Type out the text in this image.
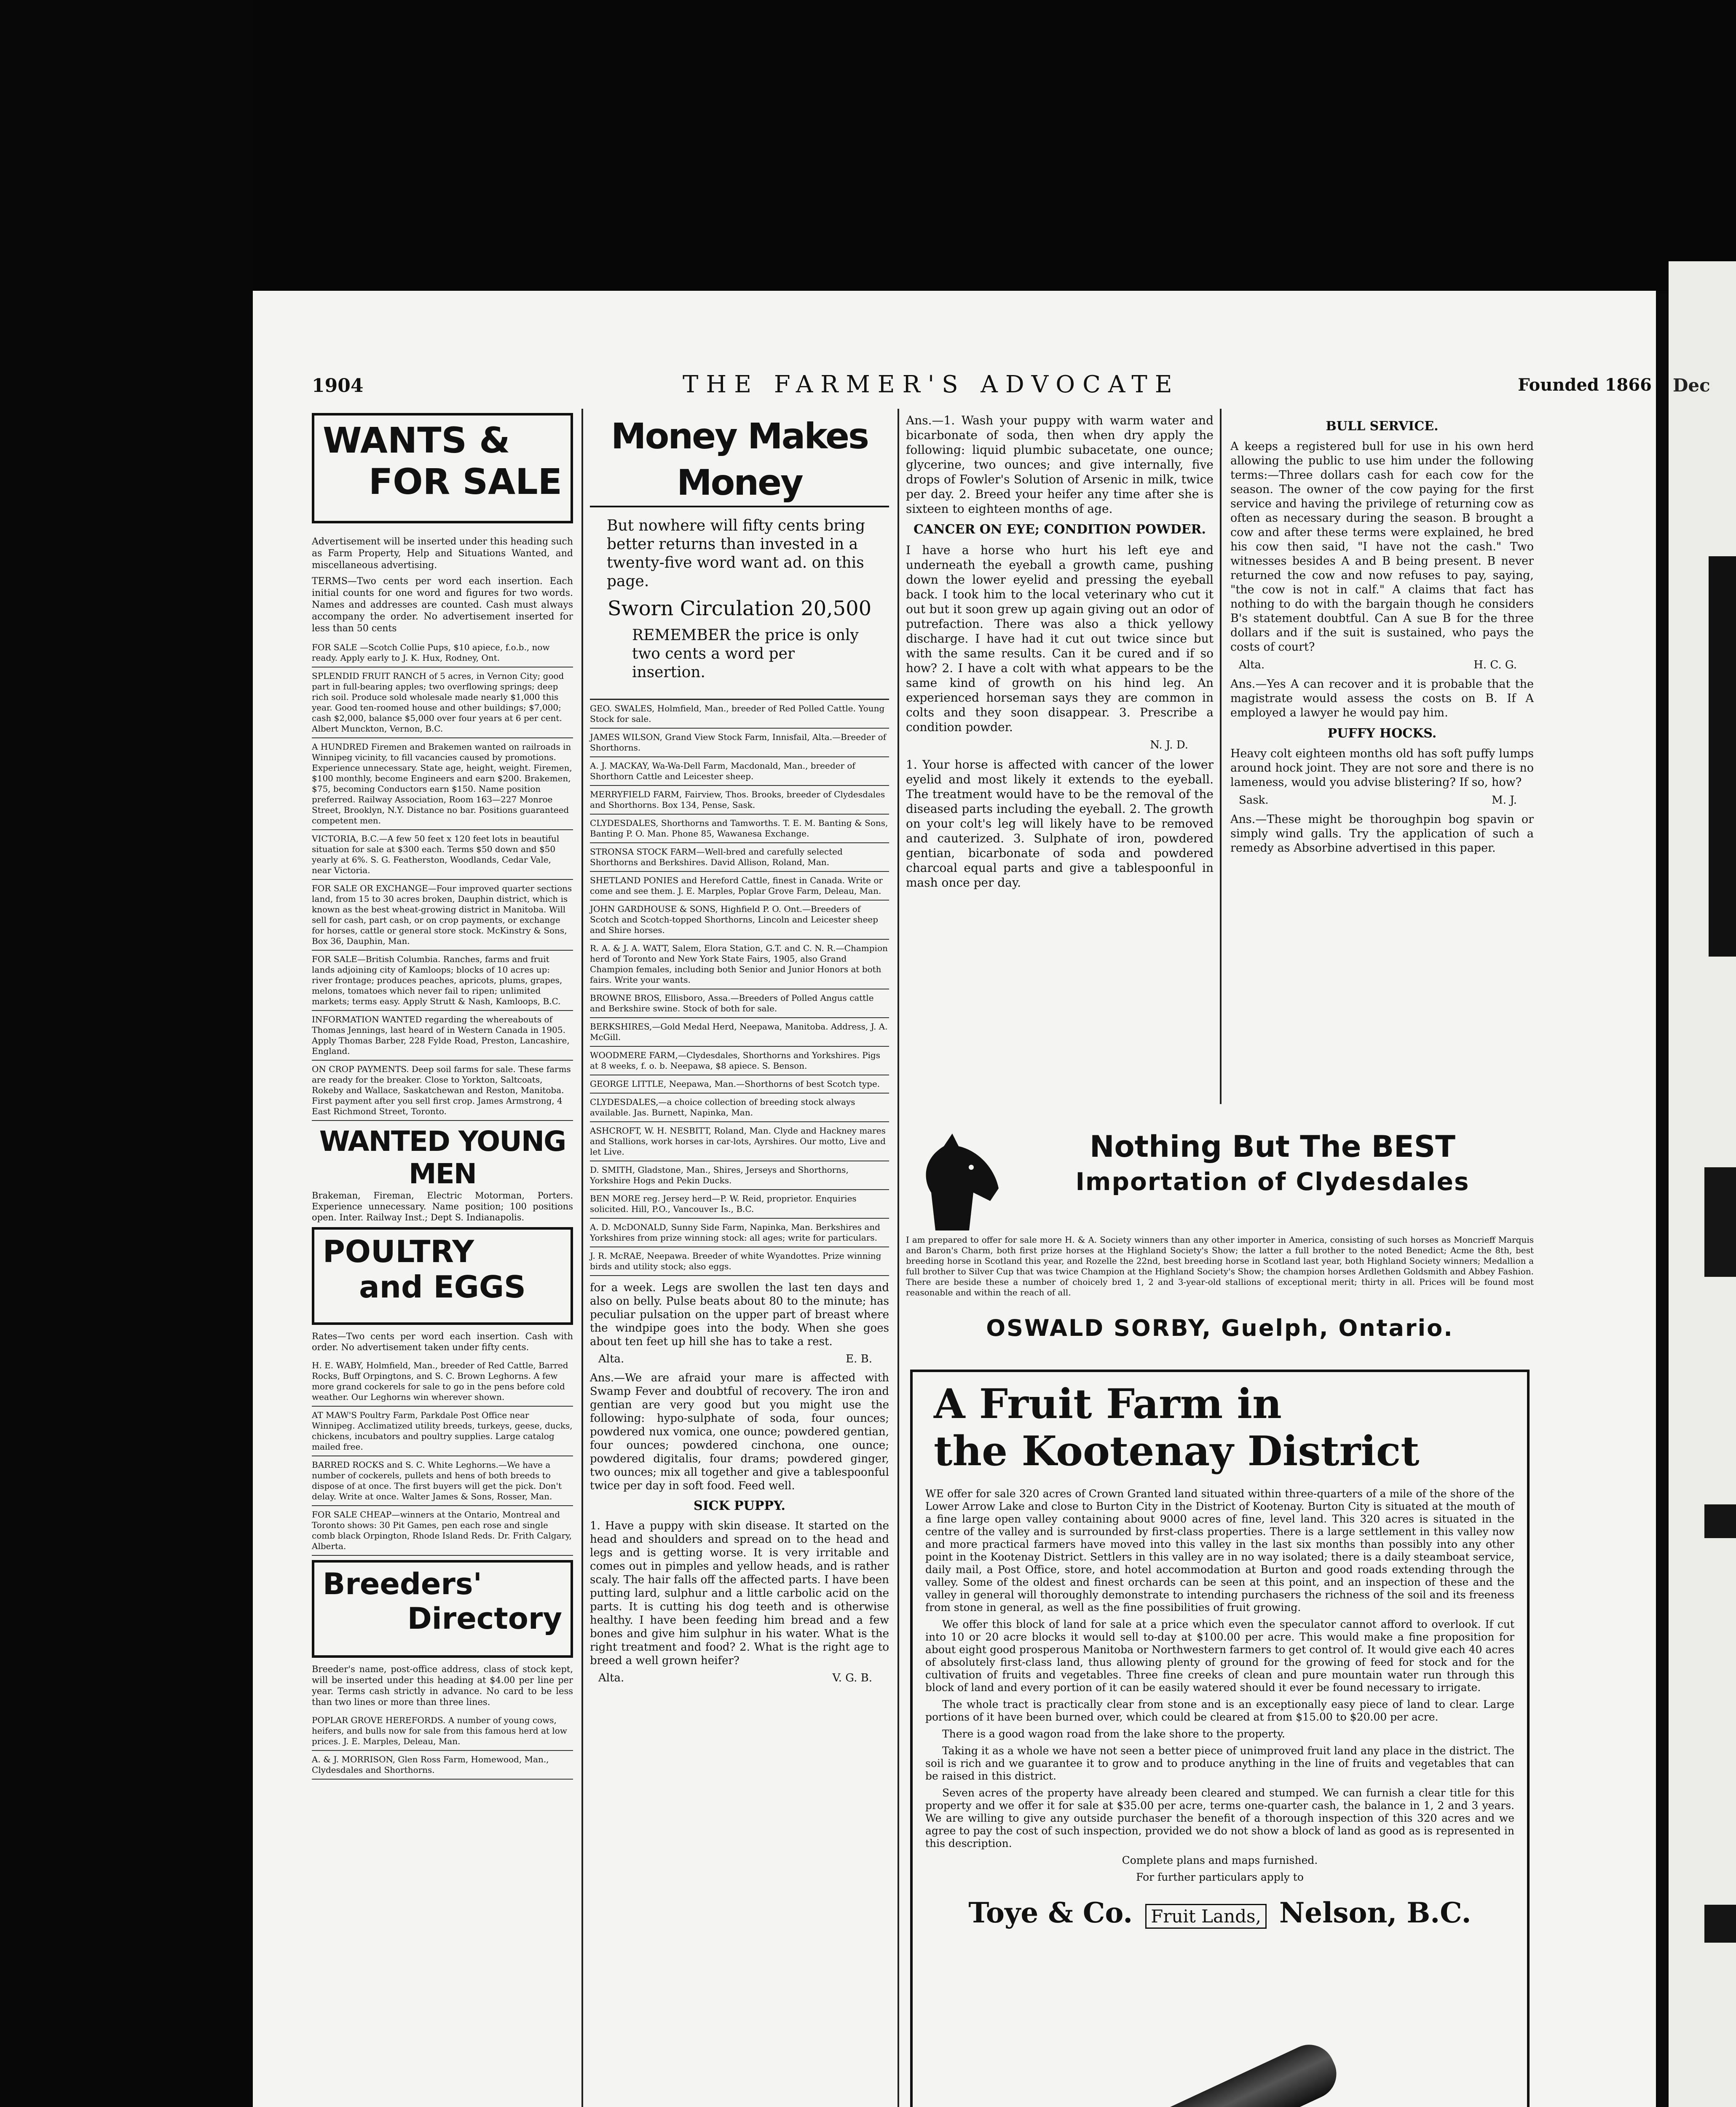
Dec
1904	THE FARMER'S ADVOCATE	Founded 1866
WANTS &
FOR SALE

Advertisement will be inserted under this heading such as Farm Property, Help and Situations Wanted, and miscellaneous advertising.

TERMS—Two cents per word each insertion. Each initial counts for one word and figures for two words. Names and addresses are counted. Cash must always accompany the order. No advertisement inserted for less than 50 cents

FOR SALE —Scotch Collie Pups, $10 apiece, f.o.b., now ready. Apply early to J. K. Hux, Rodney, Ont.

SPLENDID FRUIT RANCH of 5 acres, in Vernon City; good part in full-bearing apples; two overflowing springs; deep rich soil. Produce sold wholesale made nearly $1,000 this year. Good ten-roomed house and other buildings; $7,000; cash $2,000, balance $5,000 over four years at 6 per cent. Albert Munckton, Vernon, B.C.

A HUNDRED Firemen and Brakemen wanted on railroads in Winnipeg vicinity, to fill vacancies caused by promotions. Experience unnecessary. State age, height, weight. Firemen, $100 monthly, become Engineers and earn $200. Brakemen, $75, becoming Conductors earn $150. Name position preferred. Railway Association, Room 163—227 Monroe Street, Brooklyn, N.Y. Distance no bar. Positions guaranteed competent men.

VICTORIA, B.C.—A few 50 feet x 120 feet lots in beautiful situation for sale at $300 each. Terms $50 down and $50 yearly at 6%. S. G. Featherston, Woodlands, Cedar Vale, near Victoria.

FOR SALE OR EXCHANGE—Four improved quarter sections land, from 15 to 30 acres broken, Dauphin district, which is known as the best wheat-growing district in Manitoba. Will sell for cash, part cash, or on crop payments, or exchange for horses, cattle or general store stock. McKinstry & Sons, Box 36, Dauphin, Man.

FOR SALE—British Columbia. Ranches, farms and fruit lands adjoining city of Kamloops; blocks of 10 acres up: river frontage; produces peaches, apricots, plums, grapes, melons, tomatoes which never fail to ripen; unlimited markets; terms easy. Apply Strutt & Nash, Kamloops, B.C.

INFORMATION WANTED regarding the whereabouts of Thomas Jennings, last heard of in Western Canada in 1905. Apply Thomas Barber, 228 Fylde Road, Preston, Lancashire, England.

ON CROP PAYMENTS. Deep soil farms for sale. These farms are ready for the breaker. Close to Yorkton, Saltcoats, Rokeby and Wallace, Saskatchewan and Reston, Manitoba. First payment after you sell first crop. James Armstrong, 4 East Richmond Street, Toronto.

WANTED YOUNG MEN

Brakeman, Fireman, Electric Motorman, Porters. Experience unnecessary. Name position; 100 positions open. Inter. Railway Inst.; Dept S. Indianapolis.

POULTRY
and EGGS

Rates—Two cents per word each insertion. Cash with order. No advertisement taken under fifty cents.

H. E. WABY, Holmfield, Man., breeder of Red Cattle, Barred Rocks, Buff Orpingtons, and S. C. Brown Leghorns. A few more grand cockerels for sale to go in the pens before cold weather. Our Leghorns win wherever shown.

AT MAW'S Poultry Farm, Parkdale Post Office near Winnipeg. Acclimatized utility breeds, turkeys, geese, ducks, chickens, incubators and poultry supplies. Large catalog mailed free.

BARRED ROCKS and S. C. White Leghorns.—We have a number of cockerels, pullets and hens of both breeds to dispose of at once. The first buyers will get the pick. Don't delay. Write at once. Walter James & Sons, Rosser, Man.

FOR SALE CHEAP—winners at the Ontario, Montreal and Toronto shows: 30 Pit Games, pen each rose and single comb black Orpington, Rhode Island Reds. Dr. Frith Calgary, Alberta.

Breeders'
Directory

Breeder's name, post-office address, class of stock kept, will be inserted under this heading at $4.00 per line per year. Terms cash strictly in advance. No card to be less than two lines or more than three lines.

POPLAR GROVE HEREFORDS. A number of young cows, heifers, and bulls now for sale from this famous herd at low prices. J. E. Marples, Deleau, Man.

A. & J. MORRISON, Glen Ross Farm, Homewood, Man., Clydesdales and Shorthorns.

Money Makes Money

But nowhere will fifty cents bring better returns than invested in a twenty-five word want ad. on this page.

Sworn Circulation 20,500

REMEMBER the price is only two cents a word per insertion.

GEO. SWALES, Holmfield, Man., breeder of Red Polled Cattle. Young Stock for sale.

JAMES WILSON, Grand View Stock Farm, Innisfail, Alta.—Breeder of Shorthorns.

A. J. MACKAY, Wa-Wa-Dell Farm, Macdonald, Man., breeder of Shorthorn Cattle and Leicester sheep.

MERRYFIELD FARM, Fairview, Thos. Brooks, breeder of Clydesdales and Shorthorns. Box 134, Pense, Sask.

CLYDESDALES, Shorthorns and Tamworths. T. E. M. Banting & Sons, Banting P. O. Man. Phone 85, Wawanesa Exchange.

STRONSA STOCK FARM—Well-bred and carefully selected Shorthorns and Berkshires. David Allison, Roland, Man.

SHETLAND PONIES and Hereford Cattle, finest in Canada. Write or come and see them. J. E. Marples, Poplar Grove Farm, Deleau, Man.

JOHN GARDHOUSE & SONS, Highfield P. O. Ont.—Breeders of Scotch and Scotch-topped Shorthorns, Lincoln and Leicester sheep and Shire horses.

R. A. & J. A. WATT, Salem, Elora Station, G.T. and C. N. R.—Champion herd of Toronto and New York State Fairs, 1905, also Grand Champion females, including both Senior and Junior Honors at both fairs. Write your wants.

BROWNE BROS, Ellisboro, Assa.—Breeders of Polled Angus cattle and Berkshire swine. Stock of both for sale.

BERKSHIRES,—Gold Medal Herd, Neepawa, Manitoba. Address, J. A. McGill.

WOODMERE FARM,—Clydesdales, Shorthorns and Yorkshires. Pigs at 8 weeks, f. o. b. Neepawa, $8 apiece. S. Benson.

GEORGE LITTLE, Neepawa, Man.—Shorthorns of best Scotch type.

CLYDESDALES,—a choice collection of breeding stock always available. Jas. Burnett, Napinka, Man.

ASHCROFT, W. H. NESBITT, Roland, Man. Clyde and Hackney mares and Stallions, work horses in car-lots, Ayrshires. Our motto, Live and let Live.

D. SMITH, Gladstone, Man., Shires, Jerseys and Shorthorns, Yorkshire Hogs and Pekin Ducks.

BEN MORE reg. Jersey herd—P. W. Reid, proprietor. Enquiries solicited. Hill, P.O., Vancouver Is., B.C.

A. D. McDONALD, Sunny Side Farm, Napinka, Man. Berkshires and Yorkshires from prize winning stock: all ages; write for particulars.

J. R. McRAE, Neepawa. Breeder of white Wyandottes. Prize winning birds and utility stock; also eggs.

for a week. Legs are swollen the last ten days and also on belly. Pulse beats about 80 to the minute; has peculiar pulsation on the upper part of breast where the windpipe goes into the body. When she goes about ten feet up hill she has to take a rest.

Alta.	E. B.

Ans.—We are afraid your mare is affected with Swamp Fever and doubtful of recovery. The iron and gentian are very good but you might use the following: hypo-sulphate of soda, four ounces; powdered nux vomica, one ounce; powdered gentian, four ounces; powdered cinchona, one ounce; powdered digitalis, four drams; powdered ginger, two ounces; mix all together and give a tablespoonful twice per day in soft food. Feed well.

SICK PUPPY.

1. Have a puppy with skin disease. It started on the head and shoulders and spread on to the head and legs and is getting worse. It is very irritable and comes out in pimples and yellow heads, and is rather scaly. The hair falls off the affected parts. I have been putting lard, sulphur and a little carbolic acid on the parts. It is cutting his dog teeth and is otherwise healthy. I have been feeding him bread and a few bones and give him sulphur in his water. What is the right treatment and food? 2. What is the right age to breed a well grown heifer?

Alta.	V. G. B.

Ans.—1. Wash your puppy with warm water and bicarbonate of soda, then when dry apply the following: liquid plumbic subacetate, one ounce; glycerine, two ounces; and give internally, five drops of Fowler's Solution of Arsenic in milk, twice per day. 2. Breed your heifer any time after she is sixteen to eighteen months of age.

CANCER ON EYE; CONDITION POWDER.

I have a horse who hurt his left eye and underneath the eyeball a growth came, pushing down the lower eyelid and pressing the eyeball back. I took him to the local veterinary who cut it out but it soon grew up again giving out an odor of putrefaction. There was also a thick yellowy discharge. I have had it cut out twice since but with the same results. Can it be cured and if so how? 2. I have a colt with what appears to be the same kind of growth on his hind leg. An experienced horseman says they are common in colts and they soon disappear. 3. Prescribe a condition powder.

N. J. D.

1. Your horse is affected with cancer of the lower eyelid and most likely it extends to the eyeball. The treatment would have to be the removal of the diseased parts including the eyeball. 2. The growth on your colt's leg will likely have to be removed and cauterized. 3. Sulphate of iron, powdered gentian, bicarbonate of soda and powdered charcoal equal parts and give a tablespoonful in mash once per day.

BULL SERVICE.

A keeps a registered bull for use in his own herd allowing the public to use him under the following terms:—Three dollars cash for each cow for the season. The owner of the cow paying for the first service and having the privilege of returning cow as often as necessary during the season. B brought a cow and after these terms were explained, he bred his cow then said, "I have not the cash." Two witnesses besides A and B being present. B never returned the cow and now refuses to pay, saying, "the cow is not in calf." A claims that fact has nothing to do with the bargain though he considers B's statement doubtful. Can A sue B for the three dollars and if the suit is sustained, who pays the costs of court?

Alta.	H. C. G.

Ans.—Yes A can recover and it is probable that the magistrate would assess the costs on B. If A employed a lawyer he would pay him.

PUFFY HOCKS.

Heavy colt eighteen months old has soft puffy lumps around hock joint. They are not sore and there is no lameness, would you advise blistering? If so, how?

Sask.	M. J.

Ans.—These might be thoroughpin bog spavin or simply wind galls. Try the application of such a remedy as Absorbine advertised in this paper.

Nothing But The BEST
Importation of Clydesdales

I am prepared to offer for sale more H. & A. Society winners than any other importer in America, consisting of such horses as Moncrieff Marquis and Baron's Charm, both first prize horses at the Highland Society's Show; the latter a full brother to the noted Benedict; Acme the 8th, best breeding horse in Scotland this year, and Rozelle the 22nd, best breeding horse in Scotland last year, both Highland Society winners; Medallion a full brother to Silver Cup that was twice Champion at the Highland Society's Show; the champion horses Ardlethen Goldsmith and Abbey Fashion. There are beside these a number of choicely bred 1, 2 and 3-year-old stallions of exceptional merit; thirty in all. Prices will be found most reasonable and within the reach of all.

OSWALD SORBY, Guelph, Ontario.
A Fruit Farm in
the Kootenay District

WE offer for sale 320 acres of Crown Granted land situated within three-quarters of a mile of the shore of the Lower Arrow Lake and close to Burton City in the District of Kootenay. Burton City is situated at the mouth of a fine large open valley containing about 9000 acres of fine, level land. This 320 acres is situated in the centre of the valley and is surrounded by first-class properties. There is a large settlement in this valley now and more practical farmers have moved into this valley in the last six months than possibly into any other point in the Kootenay District. Settlers in this valley are in no way isolated; there is a daily steamboat service, daily mail, a Post Office, store, and hotel accommodation at Burton and good roads extending through the valley. Some of the oldest and finest orchards can be seen at this point, and an inspection of these and the valley in general will thoroughly demonstrate to intending purchasers the richness of the soil and its freeness from stone in general, as well as the fine possibilities of fruit growing.

We offer this block of land for sale at a price which even the speculator cannot afford to overlook. If cut into 10 or 20 acre blocks it would sell to-day at $100.00 per acre. This would make a fine proposition for about eight good prosperous Manitoba or Northwestern farmers to get control of. It would give each 40 acres of absolutely first-class land, thus allowing plenty of ground for the growing of feed for stock and for the cultivation of fruits and vegetables. Three fine creeks of clean and pure mountain water run through this block of land and every portion of it can be easily watered should it ever be found necessary to irrigate.

The whole tract is practically clear from stone and is an exceptionally easy piece of land to clear. Large portions of it have been burned over, which could be cleared at from $15.00 to $20.00 per acre.

There is a good wagon road from the lake shore to the property.

Taking it as a whole we have not seen a better piece of unimproved fruit land any place in the district. The soil is rich and we guarantee it to grow and to produce anything in the line of fruits and vegetables that can be raised in this district.

Seven acres of the property have already been cleared and stumped. We can furnish a clear title for this property and we offer it for sale at $35.00 per acre, terms one-quarter cash, the balance in 1, 2 and 3 years. We are willing to give any outside purchaser the benefit of a thorough inspection of this 320 acres and we agree to pay the cost of such inspection, provided we do not show a block of land as good as is represented in this description.

Complete plans and maps furnished.

For further particulars apply to

Toye & Co.	Fruit Lands, Nelson, B.C.
